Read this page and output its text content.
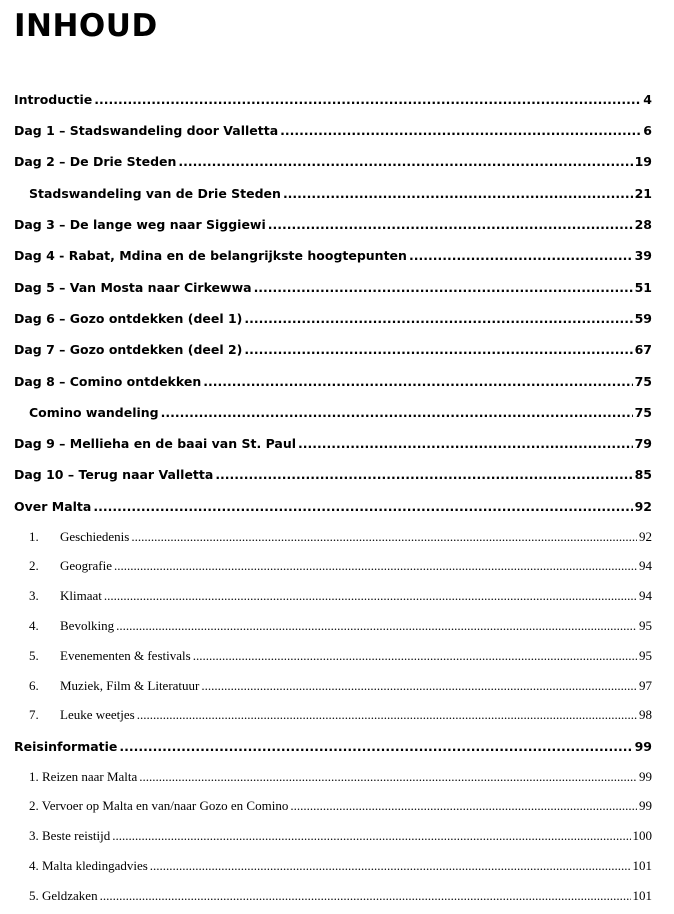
INHOUD
Introductie .....	4
Dag 1 – Stadswandeling door Valletta .....	6
Dag 2 – De Drie Steden .....	19
Stadswandeling van de Drie Steden .....	21
Dag 3 – De lange weg naar Siggiewi .....	28
Dag 4 - Rabat, Mdina en de belangrijkste hoogtepunten .....	39
Dag 5 – Van Mosta naar Cirkewwa .....	51
Dag 6 – Gozo ontdekken (deel 1) .....	59
Dag 7 – Gozo ontdekken (deel 2) .....	67
Dag 8 – Comino ontdekken .....	75
Comino wandeling .....	75
Dag 9 – Mellieha en de baai van St. Paul .....	79
Dag 10 – Terug naar Valletta .....	85
Over Malta .....	92
1. Geschiedenis .....	92
2. Geografie .....	94
3. Klimaat .....	94
4. Bevolking .....	95
5. Evenementen & festivals .....	95
6. Muziek, Film & Literatuur .....	97
7. Leuke weetjes .....	98
Reisinformatie .....	99
1. Reizen naar Malta .....	99
2. Vervoer op Malta en van/naar Gozo en Comino .....	99
3. Beste reistijd .....	100
4. Malta kledingadvies .....	101
5. Geldzaken .....	101
